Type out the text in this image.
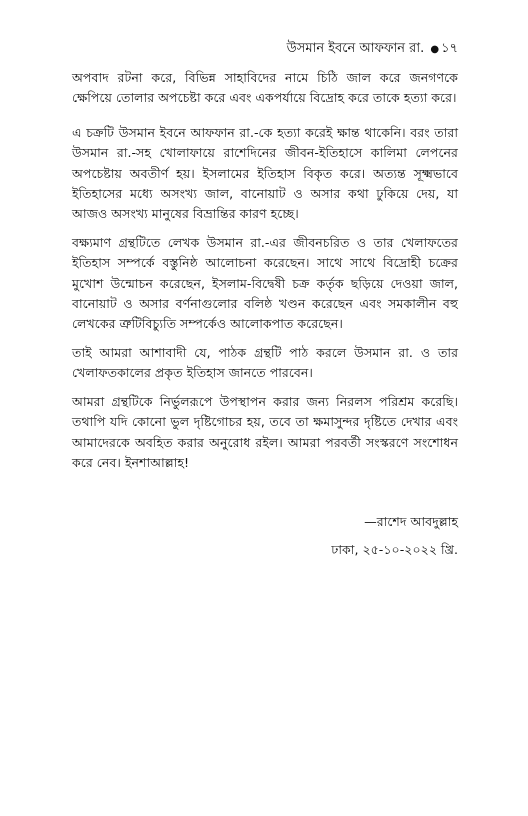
উসমান ইবনে আফফান রা. ● ১৭

অপবাদ রটনা করে, বিভিন্ন সাহাবিদের নামে চিঠি জাল করে জনগণকে ক্ষেপিয়ে তোলার অপচেষ্টা করে এবং একপর্যায়ে বিদ্রোহ করে তাকে হত্যা করে।

এ চক্রটি উসমান ইবনে আফফান রা.-কে হত্যা করেই ক্ষান্ত থাকেনি। বরং তারা উসমান রা.-সহ খোলাফায়ে রাশেদিনের জীবন-ইতিহাসে কালিমা লেপনের অপচেষ্টায় অবতীর্ণ হয়। ইসলামের ইতিহাস বিকৃত করে। অত্যন্ত সূক্ষ্মভাবে ইতিহাসের মধ্যে অসংখ্য জাল, বানোয়াট ও অসার কথা ঢুকিয়ে দেয়, যা আজও অসংখ্য মানুষের বিভ্রান্তির কারণ হচ্ছে।

বক্ষ্যমাণ গ্রন্থটিতে লেখক উসমান রা.-এর জীবনচরিত ও তার খেলাফতের ইতিহাস সম্পর্কে বস্তুনিষ্ঠ আলোচনা করেছেন। সাথে সাথে বিদ্রোহী চক্রের মুখোশ উন্মোচন করেছেন, ইসলাম-বিদ্বেষী চক্র কর্তৃক ছড়িয়ে দেওয়া জাল, বানোয়াট ও অসার বর্ণনাগুলোর বলিষ্ঠ খণ্ডন করেছেন এবং সমকালীন বহু লেখকের ত্রুটিবিচ্যুতি সম্পর্কেও আলোকপাত করেছেন।

তাই আমরা আশাবাদী যে, পাঠক গ্রন্থটি পাঠ করলে উসমান রা. ও তার খেলাফতকালের প্রকৃত ইতিহাস জানতে পারবেন।

আমরা গ্রন্থটিকে নির্ভুলরূপে উপস্থাপন করার জন্য নিরলস পরিশ্রম করেছি। তথাপি যদি কোনো ভুল দৃষ্টিগোচর হয়, তবে তা ক্ষমাসুন্দর দৃষ্টিতে দেখার এবং আমাদেরকে অবহিত করার অনুরোধ রইল। আমরা পরবর্তী সংস্করণে সংশোধন করে নেব। ইনশাআল্লাহ!

—রাশেদ আবদুল্লাহ
ঢাকা, ২৫-১০-২০২২ খ্রি.
